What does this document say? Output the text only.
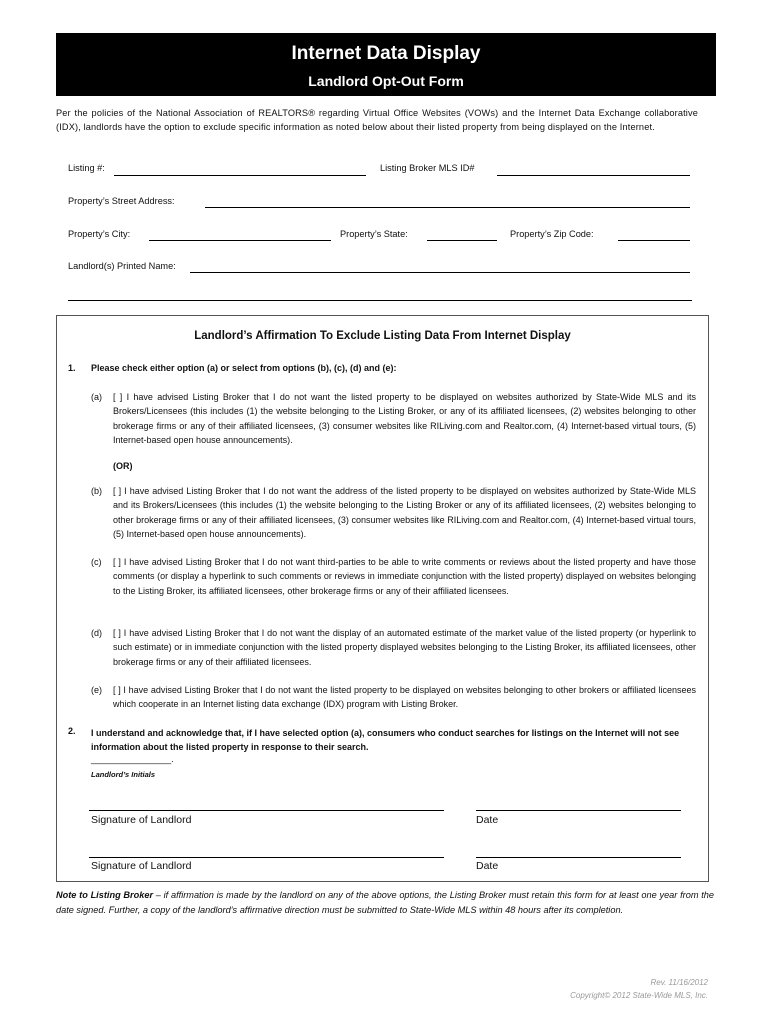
Internet Data Display
Landlord Opt-Out Form
Per the policies of the National Association of REALTORS® regarding Virtual Office Websites (VOWs) and the Internet Data Exchange collaborative (IDX), landlords have the option to exclude specific information as noted below about their listed property from being displayed on the Internet.
Listing #:	Listing Broker MLS ID#
Property’s Street Address:
Property’s City:	Property’s State:	Property’s Zip Code:
Landlord(s) Printed Name:
Landlord’s Affirmation To Exclude Listing Data From Internet Display
1. Please check either option (a) or select from options (b), (c), (d) and (e):
(a)	[ ] I have advised Listing Broker that I do not want the listed property to be displayed on websites authorized by State-Wide MLS and its Brokers/Licensees (this includes (1) the website belonging to the Listing Broker, or any of its affiliated licensees, (2) websites belonging to other brokerage firms or any of their affiliated licensees, (3) consumer websites like RILiving.com and Realtor.com, (4) Internet-based virtual tours, (5) Internet-based open house announcements).
(OR)
(b)	[ ] I have advised Listing Broker that I do not want the address of the listed property to be displayed on websites authorized by State-Wide MLS and its Brokers/Licensees (this includes (1) the website belonging to the Listing Broker or any of its affiliated licensees, (2) websites belonging to other brokerage firms or any of their affiliated licensees, (3) consumer websites like RILiving.com and Realtor.com, (4) Internet-based virtual tours, (5) Internet-based open house announcements).
(c)	[ ] I have advised Listing Broker that I do not want third-parties to be able to write comments or reviews about the listed property and have those comments (or display a hyperlink to such comments or reviews in immediate conjunction with the listed property) displayed on websites belonging to the Listing Broker, its affiliated licensees, other brokerage firms or any of their affiliated licensees.
(d)	[ ] I have advised Listing Broker that I do not want the display of an automated estimate of the market value of the listed property (or hyperlink to such estimate) or in immediate conjunction with the listed property displayed websites belonging to the Listing Broker, its affiliated licensees, other brokerage firms or any of their affiliated licensees.
(e)	[ ] I have advised Listing Broker that I do not want the listed property to be displayed on websites belonging to other brokers or affiliated licensees which cooperate in an Internet listing data exchange (IDX) program with Listing Broker.
2. I understand and acknowledge that, if I have selected option (a), consumers who conduct searches for listings on the Internet will not see information about the listed property in response to their search.
________________.
Landlord’s Initials
Signature of Landlord	Date
Signature of Landlord	Date
Note to Listing Broker – if affirmation is made by the landlord on any of the above options, the Listing Broker must retain this form for at least one year from the date signed. Further, a copy of the landlord’s affirmative direction must be submitted to State-Wide MLS within 48 hours after its completion.
Rev. 11/16/2012
Copyright© 2012 State-Wide MLS, Inc.
